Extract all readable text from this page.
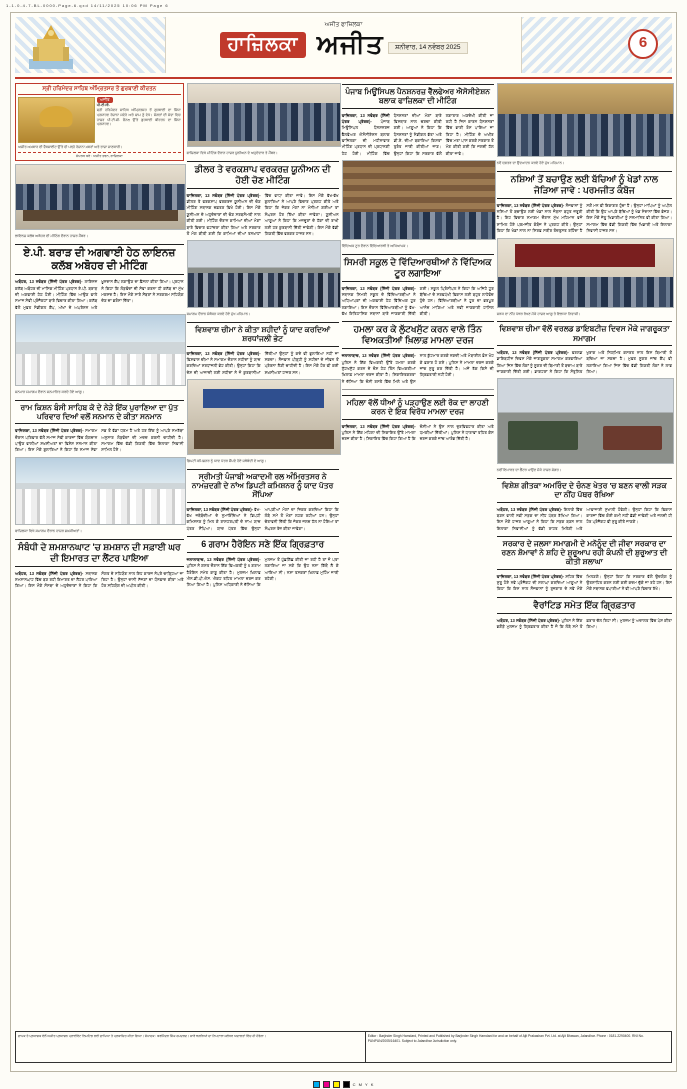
1-1-0-4-7-BL-0000-Page-6.qxd 14/11/2025 10:06 PM Page 6
ਅਜੀਤ ਫਾਜ਼ਿਲਕਾ
ਹਾਜ਼ਿਲਕਾ ਅਜੀਤ ਸ਼ਨੀਵਾਰ, 14 ਨਵੰਬਰ 2025	6
ਸ੍ਰੀ ਹਰਿਮੰਦਰ ਸਾਹਿਬ ਅੰਮ੍ਰਿਤਸਰ ਤੋਂ ਗੁਰਬਾਣੀ ਕੀਰਤਨ
ਅਜੀਤ
ਪੀ.ਟੀ.ਸੀ.
ਸ੍ਰੀ ਹਰਿਮੰਦਰ ਸਾਹਿਬ ਅੰਮ੍ਰਿਤਸਰ ਤੋਂ ਗੁਰਬਾਣੀ ਦਾ ਸਿੱਧਾ ਪ੍ਰਸਾਰਣ ਰੋਜ਼ਾਨਾ ਸਵੇਰੇ ਅਤੇ ਸ਼ਾਮ ਨੂੰ ਵੇਖੋ। ਸੰਗਤਾਂ ਦੀ ਸੇਵਾ ਵਿਚ ਹਾਜ਼ਰ ਪੀ.ਟੀ.ਸੀ. ਚੈਨਲ ਉੱਤੇ ਗੁਰਬਾਣੀ ਕੀਰਤਨ ਦਾ ਸਿੱਧਾ ਪ੍ਰਸਾਰਣ।
ਅਜੀਤ ਅਖ਼ਬਾਰ ਦੀ ਵੈੱਬਸਾਈਟ ਉੱਤੇ ਵੀ ਪੜ੍ਹੋ ਰੋਜ਼ਾਨਾ ਖ਼ਬਰਾਂ ਅਤੇ ਤਾਜ਼ਾ ਜਾਣਕਾਰੀ।
ਸੰਪਰਕ ਕਰੋ : ਅਜੀਤ ਭਵਨ, ਫਾਜ਼ਿਲਕਾ
ਲਾਇਨਜ਼ ਕਲੱਬ ਅਬੋਹਰ ਦੀ ਮੀਟਿੰਗ ਦੌਰਾਨ ਹਾਜ਼ਰ ਮੈਂਬਰ।
ਏ.ਪੀ. ਬਰਾੜ ਦੀ ਅਗਵਾਈ ਹੇਠ ਲਾਇਨਜ਼ ਕਲੱਬ ਅਬੋਹਰ ਦੀ ਮੀਟਿੰਗ
ਅਬੋਹਰ, 13 ਨਵੰਬਰ (ਨਿੱਜੀ ਪੱਤਰ ਪ੍ਰੇਰਕ)- ਲਾਇਨਜ਼ ਕਲੱਬ ਅਬੋਹਰ ਦੀ ਮਾਸਿਕ ਮੀਟਿੰਗ ਪ੍ਰਧਾਨ ਏ.ਪੀ. ਬਰਾੜ ਦੀ ਅਗਵਾਈ ਹੇਠ ਹੋਈ। ਮੀਟਿੰਗ ਵਿੱਚ ਆਉਣ ਵਾਲੇ ਸਮਾਜ ਸੇਵੀ ਪ੍ਰੋਜੈਕਟਾਂ ਬਾਰੇ ਵਿਚਾਰ ਕੀਤਾ ਗਿਆ। ਕਲੱਬ ਵੱਲੋਂ ਮੁਫ਼ਤ ਮੈਡੀਕਲ ਕੈਂਪ, ਅੱਖਾਂ ਦੇ ਅਪਰੇਸ਼ਨ ਅਤੇ ਖ਼ੂਨਦਾਨ ਕੈਂਪ ਲਗਾਉਣ ਦਾ ਫ਼ੈਸਲਾ ਕੀਤਾ ਗਿਆ। ਪ੍ਰਧਾਨ ਨੇ ਕਿਹਾ ਕਿ ਲੋੜਵੰਦਾਂ ਦੀ ਸੇਵਾ ਕਰਨਾ ਹੀ ਕਲੱਬ ਦਾ ਮੁੱਖ ਮਕਸਦ ਹੈ। ਇਸ ਮੌਕੇ ਸਾਰੇ ਮੈਂਬਰਾਂ ਨੇ ਸਰਗਰਮ ਸਹਿਯੋਗ ਦੇਣ ਦਾ ਭਰੋਸਾ ਦਿੱਤਾ।
ਸਨਮਾਨ ਸਮਾਗਮ ਦੌਰਾਨ ਸਨਮਾਨਿਤ ਕਰਦੇ ਹੋਏ ਆਗੂ।
ਰਾਮ ਕਿਸ਼ਨ ਬੰਸੀ ਸਾਹਿਬ ਕੋ ਦੇ ਨੇੜੇ ਇੱਕ ਪੁਰਾਣਿਆ ਦਾ ਪੁੱਤ ਪਰਿਵਾਰ ਦਿਆਂ ਵਲੋਂ ਸਨਮਾਨ ਦੇ ਕੀਤਾ ਸਨਮਾਨ
ਫਾਜ਼ਿਲਕਾ, 13 ਨਵੰਬਰ (ਨਿੱਜੀ ਪੱਤਰ ਪ੍ਰੇਰਕ)- ਸਮਾਗਮ ਦੌਰਾਨ ਪਰਿਵਾਰ ਵੱਲੋਂ ਸਮਾਜ ਸੇਵੀ ਕਾਰਜਾਂ ਵਿੱਚ ਯੋਗਦਾਨ ਪਾਉਣ ਵਾਲੀਆਂ ਸ਼ਖ਼ਸੀਅਤਾਂ ਦਾ ਵਿਸ਼ੇਸ਼ ਸਨਮਾਨ ਕੀਤਾ ਗਿਆ। ਇਸ ਮੌਕੇ ਬੁਲਾਰਿਆਂ ਨੇ ਕਿਹਾ ਕਿ ਸਮਾਜ ਸੇਵਾ ਸਭ ਤੋਂ ਵੱਡਾ ਧਰਮ ਹੈ ਅਤੇ ਹਰ ਇੱਕ ਨੂੰ ਆਪਣੇ ਸਮਰੱਥਾ ਅਨੁਸਾਰ ਲੋੜਵੰਦਾਂ ਦੀ ਮਦਦ ਕਰਨੀ ਚਾਹੀਦੀ ਹੈ। ਸਮਾਗਮ ਵਿੱਚ ਵੱਡੀ ਗਿਣਤੀ ਵਿੱਚ ਇਲਾਕਾ ਨਿਵਾਸੀ ਸ਼ਾਮਿਲ ਹੋਏ।
ਫਾਜ਼ਿਲਕਾ ਵਿਖੇ ਸਮਾਗਮ ਦੌਰਾਨ ਹਾਜ਼ਰ ਸ਼ਖ਼ਸੀਅਤਾਂ।
ਸੰਬੰਧੀ ਦੇ ਸ਼ਮਸ਼ਾਨਘਾਟ 'ਚ ਸ਼ਮਸ਼ਾਨ ਦੀ ਸਫ਼ਾਈ ਘਰ ਦੀ ਇਮਾਰਤ ਦਾ ਲੈਂਟਰ ਪਾਇਆ
ਅਬੋਹਰ, 13 ਨਵੰਬਰ (ਨਿੱਜੀ ਪੱਤਰ ਪ੍ਰੇਰਕ)- ਸਥਾਨਕ ਸ਼ਮਸ਼ਾਨਘਾਟ ਵਿੱਚ ਬਣ ਰਹੀ ਇਮਾਰਤ ਦਾ ਲੈਂਟਰ ਪਾਇਆ ਗਿਆ। ਇਸ ਮੌਕੇ ਸੰਸਥਾ ਦੇ ਅਹੁਦੇਦਾਰਾਂ ਨੇ ਕਿਹਾ ਕਿ ਸੰਗਤ ਦੇ ਸਹਿਯੋਗ ਨਾਲ ਇਹ ਕਾਰਜ ਨੇਪਰੇ ਚਾੜ੍ਹਿਆ ਜਾ ਰਿਹਾ ਹੈ। ਉਨ੍ਹਾਂ ਦਾਨੀ ਸੱਜਣਾਂ ਦਾ ਧੰਨਵਾਦ ਕੀਤਾ ਅਤੇ ਹੋਰ ਸਹਿਯੋਗ ਦੀ ਅਪੀਲ ਕੀਤੀ।
ਫਾਜ਼ਿਲਕਾ ਵਿਖੇ ਮੀਟਿੰਗ ਦੌਰਾਨ ਹਾਜ਼ਰ ਯੂਨੀਅਨ ਦੇ ਅਹੁਦੇਦਾਰ ਤੇ ਮੈਂਬਰ।
ਡੀਲਰ ਤੇ ਵਰਕਸ਼ਾਪ ਵਰਕਰਜ਼ ਯੂਨੀਅਨ ਦੀ ਹੋਈ ਚੋਣ ਮੀਟਿੰਗ
ਫਾਜ਼ਿਲਕਾ, 13 ਨਵੰਬਰ (ਨਿੱਜੀ ਪੱਤਰ ਪ੍ਰੇਰਕ)- ਡੀਲਰ ਤੇ ਵਰਕਸ਼ਾਪ ਵਰਕਰਜ਼ ਯੂਨੀਅਨ ਦੀ ਚੋਣ ਮੀਟਿੰਗ ਸਥਾਨਕ ਦਫ਼ਤਰ ਵਿਖੇ ਹੋਈ। ਇਸ ਮੌਕੇ ਯੂਨੀਅਨ ਦੇ ਅਹੁਦੇਦਾਰਾਂ ਦੀ ਚੋਣ ਸਰਬਸੰਮਤੀ ਨਾਲ ਕੀਤੀ ਗਈ। ਮੀਟਿੰਗ ਦੌਰਾਨ ਕਾਮਿਆਂ ਦੀਆਂ ਮੰਗਾਂ ਬਾਰੇ ਵਿਚਾਰ ਵਟਾਂਦਰਾ ਕੀਤਾ ਗਿਆ ਅਤੇ ਸਰਕਾਰ ਤੋਂ ਮੰਗ ਕੀਤੀ ਗਈ ਕਿ ਕਾਮਿਆਂ ਦੀਆਂ ਤਨਖ਼ਾਹਾਂ ਵਿੱਚ ਵਾਧਾ ਕੀਤਾ ਜਾਵੇ। ਇਸ ਮੌਕੇ ਵੱਖ-ਵੱਖ ਬੁਲਾਰਿਆਂ ਨੇ ਆਪਣੇ ਵਿਚਾਰ ਪ੍ਰਗਟ ਕੀਤੇ ਅਤੇ ਕਿਹਾ ਕਿ ਜੇਕਰ ਮੰਗਾਂ ਨਾ ਮੰਨੀਆਂ ਗਈਆਂ ਤਾਂ ਸੰਘਰਸ਼ ਹੋਰ ਤਿੱਖਾ ਕੀਤਾ ਜਾਵੇਗਾ। ਯੂਨੀਅਨ ਆਗੂਆਂ ਨੇ ਕਿਹਾ ਕਿ ਮਜ਼ਦੂਰਾਂ ਦੇ ਹੱਕਾਂ ਦੀ ਰਾਖੀ ਲਈ ਹਰ ਕੁਰਬਾਨੀ ਦਿੱਤੀ ਜਾਵੇਗੀ। ਇਸ ਮੌਕੇ ਵੱਡੀ ਗਿਣਤੀ ਵਿੱਚ ਵਰਕਰ ਹਾਜ਼ਰ ਸਨ।
ਸਮਾਗਮ ਦੌਰਾਨ ਸੰਬੋਧਨ ਕਰਦੇ ਹੋਏ ਮੁੱਖ ਮਹਿਮਾਨ।
ਵਿਸ਼ਵਾਸ਼ ਚੀਮਾ ਨੇ ਕੀਤਾ ਸ਼ਹੀਦਾਂ ਨੂੰ ਯਾਦ ਕਰਦਿਆਂ ਸ਼ਰਧਾਂਜਲੀ ਭੇਟ
ਫਾਜ਼ਿਲਕਾ, 13 ਨਵੰਬਰ (ਨਿੱਜੀ ਪੱਤਰ ਪ੍ਰੇਰਕ)- ਵਿਸ਼ਵਾਸ਼ ਚੀਮਾ ਨੇ ਸਮਾਗਮ ਦੌਰਾਨ ਸ਼ਹੀਦਾਂ ਨੂੰ ਯਾਦ ਕਰਦਿਆਂ ਸ਼ਰਧਾਂਜਲੀ ਭੇਟ ਕੀਤੀ। ਉਨ੍ਹਾਂ ਕਿਹਾ ਕਿ ਦੇਸ਼ ਦੀ ਆਜ਼ਾਦੀ ਲਈ ਸ਼ਹੀਦਾਂ ਨੇ ਜੋ ਕੁਰਬਾਨੀਆਂ ਦਿੱਤੀਆਂ ਉਨ੍ਹਾਂ ਨੂੰ ਕਦੇ ਵੀ ਭੁਲਾਇਆ ਨਹੀਂ ਜਾ ਸਕਦਾ। ਨੌਜਵਾਨ ਪੀੜ੍ਹੀ ਨੂੰ ਸ਼ਹੀਦਾਂ ਦੇ ਜੀਵਨ ਤੋਂ ਪ੍ਰੇਰਨਾ ਲੈਣੀ ਚਾਹੀਦੀ ਹੈ। ਇਸ ਮੌਕੇ ਹੋਰ ਵੀ ਕਈ ਸ਼ਖ਼ਸੀਅਤਾਂ ਹਾਜ਼ਰ ਸਨ।
ਡਿਪਟੀ ਕਮਿਸ਼ਨਰ ਨੂੰ ਯਾਦ ਪੱਤਰ ਸੌਂਪਦੇ ਹੋਏ ਜਥੇਬੰਦੀ ਦੇ ਆਗੂ।
ਸ੍ਰੀਮਤੀ ਪੰਜਾਬੀ ਅਕਾਦਮੀ ਰਲ ਅੰਮ੍ਰਿਤਸਰ ਨੇ ਨਾਮਜ਼ਦਗੀ ਦੇ ਨਾਂਅ ਡਿਪਟੀ ਕਮਿਸ਼ਨਰ ਨੂੰ ਯਾਦ ਪੱਤਰ ਸੌਂਪਿਆ
ਫਾਜ਼ਿਲਕਾ, 13 ਨਵੰਬਰ (ਨਿੱਜੀ ਪੱਤਰ ਪ੍ਰੇਰਕ)- ਵੱਖ-ਵੱਖ ਜਥੇਬੰਦੀਆਂ ਦੇ ਨੁਮਾਇੰਦਿਆਂ ਨੇ ਡਿਪਟੀ ਕਮਿਸ਼ਨਰ ਨੂੰ ਮਿਲ ਕੇ ਰਾਸ਼ਟਰਪਤੀ ਦੇ ਨਾਂਅ ਯਾਦ ਪੱਤਰ ਸੌਂਪਿਆ। ਯਾਦ ਪੱਤਰ ਵਿੱਚ ਉਨ੍ਹਾਂ ਆਪਣੀਆਂ ਮੰਗਾਂ ਦਾ ਜ਼ਿਕਰ ਕਰਦਿਆਂ ਕਿਹਾ ਕਿ ਲੰਬੇ ਸਮੇਂ ਤੋਂ ਮੰਗਾਂ ਲਟਕ ਰਹੀਆਂ ਹਨ। ਉਨ੍ਹਾਂ ਚੇਤਾਵਨੀ ਦਿੱਤੀ ਕਿ ਜੇਕਰ ਜਲਦ ਹੱਲ ਨਾ ਹੋਇਆ ਤਾਂ ਸੰਘਰਸ਼ ਤੇਜ਼ ਕੀਤਾ ਜਾਵੇਗਾ।
6 ਗਰਾਮ ਹੈਰੋਇਨ ਸਣੇ ਇੱਕ ਗ੍ਰਿਫ਼ਤਾਰ
ਜਲਾਲਾਬਾਦ, 13 ਨਵੰਬਰ (ਨਿੱਜੀ ਪੱਤਰ ਪ੍ਰੇਰਕ)- ਪੁਲਿਸ ਨੇ ਗਸ਼ਤ ਦੌਰਾਨ ਇੱਕ ਵਿਅਕਤੀ ਨੂੰ 6 ਗਰਾਮ ਹੈਰੋਇਨ ਸਮੇਤ ਕਾਬੂ ਕੀਤਾ ਹੈ। ਮੁਲਜ਼ਮ ਖ਼ਿਲਾਫ਼ ਐਨ.ਡੀ.ਪੀ.ਐਸ. ਐਕਟ ਤਹਿਤ ਮਾਮਲਾ ਦਰਜ ਕਰ ਲਿਆ ਗਿਆ ਹੈ। ਪੁਲਿਸ ਅਧਿਕਾਰੀ ਨੇ ਦੱਸਿਆ ਕਿ ਮੁਲਜ਼ਮ ਤੋਂ ਪੁੱਛਗਿੱਛ ਕੀਤੀ ਜਾ ਰਹੀ ਹੈ ਤਾਂ ਜੋ ਪਤਾ ਲਗਾਇਆ ਜਾ ਸਕੇ ਕਿ ਉਹ ਨਸ਼ਾ ਕਿੱਥੋਂ ਲੈ ਕੇ ਆਇਆ ਸੀ। ਨਸ਼ਾ ਤਸਕਰਾਂ ਖ਼ਿਲਾਫ਼ ਮੁਹਿੰਮ ਜਾਰੀ ਰਹੇਗੀ।
ਪੰਜਾਬ ਮਿਊਂਸਿਪਲ ਪੈਨਸ਼ਨਰਜ਼ ਵੈੱਲਫੇਅਰ ਐਸੋਸੀਏਸ਼ਨ ਬਲਾਕ ਫਾਜ਼ਿਲਕਾ ਦੀ ਮੀਟਿੰਗ
ਫਾਜ਼ਿਲਕਾ, 13 ਨਵੰਬਰ (ਨਿੱਜੀ ਪੱਤਰ ਪ੍ਰੇਰਕ)- ਪੰਜਾਬ ਮਿਊਂਸਿਪਲ ਪੈਨਸ਼ਨਰਜ਼ ਵੈੱਲਫੇਅਰ ਐਸੋਸੀਏਸ਼ਨ ਬਲਾਕ ਫਾਜ਼ਿਲਕਾ ਦੀ ਮਹੀਨਾਵਾਰ ਮੀਟਿੰਗ ਪ੍ਰਧਾਨ ਦੀ ਪ੍ਰਧਾਨਗੀ ਹੇਠ ਹੋਈ। ਮੀਟਿੰਗ ਵਿੱਚ ਪੈਨਸ਼ਨਰਾਂ ਦੀਆਂ ਮੰਗਾਂ ਬਾਰੇ ਵਿਸਥਾਰ ਨਾਲ ਚਰਚਾ ਕੀਤੀ ਗਈ। ਆਗੂਆਂ ਨੇ ਕਿਹਾ ਕਿ ਪੈਨਸ਼ਨਰਾਂ ਨੂੰ ਮੈਡੀਕਲ ਭੱਤਾ ਅਤੇ ਡੀ.ਏ. ਦੀਆਂ ਬਕਾਇਆ ਕਿਸ਼ਤਾਂ ਤੁਰੰਤ ਜਾਰੀ ਕੀਤੀਆਂ ਜਾਣ। ਉਨ੍ਹਾਂ ਕਿਹਾ ਕਿ ਸਰਕਾਰ ਵੱਲੋਂ ਲਗਾਤਾਰ ਅਣਦੇਖੀ ਕੀਤੀ ਜਾ ਰਹੀ ਹੈ ਜਿਸ ਕਾਰਨ ਪੈਨਸ਼ਨਰਾਂ ਵਿੱਚ ਭਾਰੀ ਰੋਸ ਪਾਇਆ ਜਾ ਰਿਹਾ ਹੈ। ਮੀਟਿੰਗ ਦੇ ਅਖੀਰ ਵਿੱਚ ਮਤਾ ਪਾਸ ਕਰਕੇ ਸਰਕਾਰ ਤੋਂ ਮੰਗ ਕੀਤੀ ਗਈ ਕਿ ਜਲਦੀ ਹੱਲ ਕੀਤਾ ਜਾਵੇ।
ਵਿੱਦਿਅਕ ਟੂਰ ਦੌਰਾਨ ਵਿੱਦਿਆਰਥੀ ਤੇ ਅਧਿਆਪਕ।
ਸਿਮਰੀ ਸਕੂਲ ਦੇ ਵਿੱਦਿਆਰਥੀਆਂ ਨੇ ਵਿੱਦਿਅਕ ਟੂਰ ਲਗਾਇਆ
ਫਾਜ਼ਿਲਕਾ, 13 ਨਵੰਬਰ (ਨਿੱਜੀ ਪੱਤਰ ਪ੍ਰੇਰਕ)- ਸਥਾਨਕ ਸਿਮਰੀ ਸਕੂਲ ਦੇ ਵਿੱਦਿਆਰਥੀਆਂ ਨੇ ਅਧਿਆਪਕਾਂ ਦੀ ਅਗਵਾਈ ਹੇਠ ਵਿੱਦਿਅਕ ਟੂਰ ਲਗਾਇਆ। ਇਸ ਦੌਰਾਨ ਵਿੱਦਿਆਰਥੀਆਂ ਨੂੰ ਵੱਖ-ਵੱਖ ਇਤਿਹਾਸਿਕ ਸਥਾਨਾਂ ਬਾਰੇ ਜਾਣਕਾਰੀ ਦਿੱਤੀ ਗਈ। ਸਕੂਲ ਪ੍ਰਿੰਸੀਪਲ ਨੇ ਕਿਹਾ ਕਿ ਅਜਿਹੇ ਟੂਰ ਬੱਚਿਆਂ ਦੇ ਸਰਵਪੱਖੀ ਵਿਕਾਸ ਲਈ ਬਹੁਤ ਲਾਹੇਵੰਦ ਹੁੰਦੇ ਹਨ। ਵਿੱਦਿਆਰਥੀਆਂ ਨੇ ਟੂਰ ਦਾ ਭਰਪੂਰ ਆਨੰਦ ਮਾਣਿਆ ਅਤੇ ਨਵੀਂ ਜਾਣਕਾਰੀ ਹਾਸਿਲ ਕੀਤੀ।
ਹਮਲਾ ਕਰ ਕੇ ਲੁੱਟਖਸੁੱਟ ਕਰਨ ਵਾਲੇ ਤਿੰਨ ਵਿਅਕਤੀਆਂ ਖ਼ਿਲਾਫ਼ ਮਾਮਲਾ ਦਰਜ
ਜਲਾਲਾਬਾਦ, 13 ਨਵੰਬਰ (ਨਿੱਜੀ ਪੱਤਰ ਪ੍ਰੇਰਕ)- ਪੁਲਿਸ ਨੇ ਇੱਕ ਵਿਅਕਤੀ ਉੱਤੇ ਹਮਲਾ ਕਰਕੇ ਲੁੱਟਖਸੁੱਟ ਕਰਨ ਦੇ ਦੋਸ਼ ਹੇਠ ਤਿੰਨ ਵਿਅਕਤੀਆਂ ਖ਼ਿਲਾਫ਼ ਮਾਮਲਾ ਦਰਜ ਕੀਤਾ ਹੈ। ਸ਼ਿਕਾਇਤਕਰਤਾ ਨੇ ਦੱਸਿਆ ਕਿ ਦੋਸ਼ੀ ਰਸਤੇ ਵਿੱਚ ਮਿਲੇ ਅਤੇ ਉਸ ਨਾਲ ਕੁੱਟਮਾਰ ਕਰਕੇ ਨਕਦੀ ਅਤੇ ਮੋਬਾਈਲ ਫ਼ੋਨ ਖੋਹ ਕੇ ਫ਼ਰਾਰ ਹੋ ਗਏ। ਪੁਲਿਸ ਨੇ ਮਾਮਲਾ ਦਰਜ ਕਰਕੇ ਜਾਂਚ ਸ਼ੁਰੂ ਕਰ ਦਿੱਤੀ ਹੈ। ਅਜੇ ਤੱਕ ਕਿਸੇ ਦੀ ਗ੍ਰਿਫ਼ਤਾਰੀ ਨਹੀਂ ਹੋਈ।
ਮਹਿਲਾ ਵੱਲੋਂ ਧੀਆਂ ਨੂੰ ਪੜ੍ਹਾਉਣ ਲਈ ਰੋਕ ਦਾ ਲਾਹਣੀ ਕਰਨ ਦੇ ਇਕ ਵਿਰੋਧ ਮਾਮਲਾ ਦਰਜ
ਫਾਜ਼ਿਲਕਾ, 13 ਨਵੰਬਰ (ਨਿੱਜੀ ਪੱਤਰ ਪ੍ਰੇਰਕ)- ਪੁਲਿਸ ਨੇ ਇੱਕ ਮਹਿਲਾ ਦੀ ਸ਼ਿਕਾਇਤ ਉੱਤੇ ਮਾਮਲਾ ਦਰਜ ਕੀਤਾ ਹੈ। ਸ਼ਿਕਾਇਤ ਵਿੱਚ ਕਿਹਾ ਗਿਆ ਹੈ ਕਿ ਦੋਸ਼ੀਆਂ ਨੇ ਉਸ ਨਾਲ ਦੁਰਵਿਵਹਾਰ ਕੀਤਾ ਅਤੇ ਧਮਕੀਆਂ ਦਿੱਤੀਆਂ। ਪੁਲਿਸ ਨੇ ਧਾਰਾਵਾਂ ਤਹਿਤ ਕੇਸ ਦਰਜ ਕਰਕੇ ਜਾਂਚ ਆਰੰਭ ਦਿੱਤੀ ਹੈ।
ਨਵੇਂ ਦਫ਼ਤਰ ਦਾ ਉਦਘਾਟਨ ਕਰਦੇ ਹੋਏ ਮੁੱਖ ਮਹਿਮਾਨ।
ਨਸ਼ਿਆਂ ਤੋਂ ਬਚਾਉਣ ਲਈ ਬੱਚਿਆਂ ਨੂੰ ਖੇਡਾਂ ਨਾਲ ਜੋੜਿਆ ਜਾਵੇ : ਪਰਮਜੀਤ ਕੰਬੋਜ
ਫਾਜ਼ਿਲਕਾ, 13 ਨਵੰਬਰ (ਨਿੱਜੀ ਪੱਤਰ ਪ੍ਰੇਰਕ)- ਨੌਜਵਾਨਾਂ ਨੂੰ ਨਸ਼ਿਆਂ ਤੋਂ ਬਚਾਉਣ ਲਈ ਖੇਡਾਂ ਨਾਲ ਜੋੜਨਾ ਬਹੁਤ ਜ਼ਰੂਰੀ ਹੈ। ਇਹ ਵਿਚਾਰ ਸਮਾਗਮ ਦੌਰਾਨ ਮੁੱਖ ਮਹਿਮਾਨ ਵਜੋਂ ਸ਼ਾਮਿਲ ਹੋਏ ਪਰਮਜੀਤ ਕੰਬੋਜ ਨੇ ਪ੍ਰਗਟ ਕੀਤੇ। ਉਨ੍ਹਾਂ ਕਿਹਾ ਕਿ ਖੇਡਾਂ ਨਾਲ ਨਾ ਸਿਰਫ਼ ਸਰੀਰ ਤੰਦਰੁਸਤ ਰਹਿੰਦਾ ਹੈ ਸਗੋਂ ਮਨ ਵੀ ਇਕਾਗਰ ਹੁੰਦਾ ਹੈ। ਉਨ੍ਹਾਂ ਮਾਪਿਆਂ ਨੂੰ ਅਪੀਲ ਕੀਤੀ ਕਿ ਉਹ ਆਪਣੇ ਬੱਚਿਆਂ ਨੂੰ ਖੇਡ ਮੈਦਾਨਾਂ ਵਿੱਚ ਭੇਜਣ। ਇਸ ਮੌਕੇ ਜੇਤੂ ਖਿਡਾਰੀਆਂ ਨੂੰ ਸਨਮਾਨਿਤ ਵੀ ਕੀਤਾ ਗਿਆ। ਸਮਾਗਮ ਵਿੱਚ ਵੱਡੀ ਗਿਣਤੀ ਵਿੱਚ ਖਿਡਾਰੀ ਅਤੇ ਇਲਾਕਾ ਨਿਵਾਸੀ ਹਾਜ਼ਰ ਸਨ।
ਸੜਕ ਦਾ ਨੀਂਹ ਪੱਥਰ ਰੱਖਣ ਮੌਕੇ ਹਾਜ਼ਰ ਆਗੂ ਤੇ ਇਲਾਕਾ ਨਿਵਾਸੀ।
ਵਿਸ਼ਵਾਸ਼ ਚੀਮਾ ਵੱਲੋਂ ਵਰਲਡ ਡਾਇਬਟੀਜ਼ ਦਿਵਸ ਮੌਕੇ ਜਾਗਰੂਕਤਾ ਸਮਾਗਮ
ਅਬੋਹਰ, 13 ਨਵੰਬਰ (ਨਿੱਜੀ ਪੱਤਰ ਪ੍ਰੇਰਕ)- ਵਰਲਡ ਡਾਇਬਟੀਜ਼ ਦਿਵਸ ਮੌਕੇ ਜਾਗਰੂਕਤਾ ਸਮਾਗਮ ਕਰਵਾਇਆ ਗਿਆ ਜਿਸ ਵਿੱਚ ਲੋਕਾਂ ਨੂੰ ਸ਼ੂਗਰ ਦੀ ਬਿਮਾਰੀ ਤੋਂ ਬਚਾਅ ਬਾਰੇ ਜਾਣਕਾਰੀ ਦਿੱਤੀ ਗਈ। ਡਾਕਟਰਾਂ ਨੇ ਕਿਹਾ ਕਿ ਸੰਤੁਲਿਤ ਖੁਰਾਕ ਅਤੇ ਨਿਯਮਿਤ ਕਸਰਤ ਨਾਲ ਇਸ ਬਿਮਾਰੀ ਤੋਂ ਬਚਿਆ ਜਾ ਸਕਦਾ ਹੈ। ਮੁਫ਼ਤ ਸ਼ੂਗਰ ਜਾਂਚ ਕੈਂਪ ਵੀ ਲਗਾਇਆ ਗਿਆ ਜਿਸ ਵਿੱਚ ਵੱਡੀ ਗਿਣਤੀ ਲੋਕਾਂ ਨੇ ਲਾਭ ਲਿਆ।
ਨਵੀਂ ਇਮਾਰਤ ਦਾ ਲੈਂਟਰ ਪਾਉਣ ਮੌਕੇ ਹਾਜ਼ਰ ਸੰਗਤ।
ਵਿਸ਼ੇਸ਼ ਗੀਤਕਾ ਅਮਰਿੰਦ ਦੇ ਚੰਨਣ ਖੇਤਰ 'ਚ ਬਣਨ ਵਾਲੀ ਸੜਕ ਦਾ ਨੀਂਹ ਪੱਥਰ ਰੱਖਿਆ
ਅਬੋਹਰ, 13 ਨਵੰਬਰ (ਨਿੱਜੀ ਪੱਤਰ ਪ੍ਰੇਰਕ)- ਇਲਾਕੇ ਵਿੱਚ ਬਣਨ ਵਾਲੀ ਨਵੀਂ ਸੜਕ ਦਾ ਨੀਂਹ ਪੱਥਰ ਰੱਖਿਆ ਗਿਆ। ਇਸ ਮੌਕੇ ਹਾਜ਼ਰ ਆਗੂਆਂ ਨੇ ਕਿਹਾ ਕਿ ਸੜਕ ਬਣਨ ਨਾਲ ਇਲਾਕਾ ਨਿਵਾਸੀਆਂ ਨੂੰ ਵੱਡੀ ਰਾਹਤ ਮਿਲੇਗੀ ਅਤੇ ਆਵਾਜਾਈ ਸੁਖਾਲੀ ਹੋਵੇਗੀ। ਉਨ੍ਹਾਂ ਕਿਹਾ ਕਿ ਵਿਕਾਸ ਕਾਰਜਾਂ ਵਿੱਚ ਕੋਈ ਕਮੀ ਨਹੀਂ ਛੱਡੀ ਜਾਵੇਗੀ ਅਤੇ ਜਲਦੀ ਹੀ ਹੋਰ ਪ੍ਰੋਜੈਕਟ ਵੀ ਸ਼ੁਰੂ ਕੀਤੇ ਜਾਣਗੇ।
ਸਰਕਾਰ ਦੇ ਜਲਸਾ ਸਮਾਗਮੀ ਦੇ ਮਨੋਨੂੰਦ ਦੀ ਜੀਵਾ ਸਰਕਾਰ ਦਾ ਰਣਨ ਸ਼ੋਮਾਵਾਂ ਨੇ ਸ਼ਹਿ ਦੇ ਸ਼ੁਰੂਆਪ ਰਹੀ ਕੰਪਨੀ ਦੀ ਸ਼ੁਰੂਆਤ ਦੀ ਕੀਤੀ ਸ਼ਲਾਘਾ
ਫਾਜ਼ਿਲਕਾ, 13 ਨਵੰਬਰ (ਨਿੱਜੀ ਪੱਤਰ ਪ੍ਰੇਰਕ)- ਸ਼ਹਿਰ ਵਿੱਚ ਸ਼ੁਰੂ ਹੋਏ ਨਵੇਂ ਪ੍ਰੋਜੈਕਟ ਦੀ ਸ਼ਲਾਘਾ ਕਰਦਿਆਂ ਆਗੂਆਂ ਨੇ ਕਿਹਾ ਕਿ ਇਸ ਨਾਲ ਨੌਜਵਾਨਾਂ ਨੂੰ ਰੁਜ਼ਗਾਰ ਦੇ ਨਵੇਂ ਮੌਕੇ ਮਿਲਣਗੇ। ਉਨ੍ਹਾਂ ਕਿਹਾ ਕਿ ਸਰਕਾਰ ਵੱਲੋਂ ਉਦਯੋਗ ਨੂੰ ਉਤਸ਼ਾਹਿਤ ਕਰਨ ਲਈ ਕਈ ਕਦਮ ਚੁੱਕੇ ਜਾ ਰਹੇ ਹਨ। ਇਸ ਮੌਕੇ ਸਥਾਨਕ ਵਪਾਰੀਆਂ ਨੇ ਵੀ ਆਪਣੇ ਵਿਚਾਰ ਰੱਖੇ।
ਵੈਰਾਂਟਿਡ ਸਮੇਤ ਇੱਕ ਗ੍ਰਿਫ਼ਤਾਰ
ਅਬੋਹਰ, 13 ਨਵੰਬਰ (ਨਿੱਜੀ ਪੱਤਰ ਪ੍ਰੇਰਕ)- ਪੁਲਿਸ ਨੇ ਇੱਕ ਭਗੌੜੇ ਮੁਲਜ਼ਮ ਨੂੰ ਗ੍ਰਿਫ਼ਤਾਰ ਕੀਤਾ ਹੈ ਜੋ ਕਿ ਲੰਬੇ ਸਮੇਂ ਤੋਂ ਫ਼ਰਾਰ ਚੱਲ ਰਿਹਾ ਸੀ। ਮੁਲਜ਼ਮ ਨੂੰ ਅਦਾਲਤ ਵਿੱਚ ਪੇਸ਼ ਕੀਤਾ ਗਿਆ।
ਛਾਪਕ ਤੇ ਪ੍ਰਕਾਸ਼ਕ ਵੱਲੋਂ ਅਜੀਤ ਪ੍ਰਕਾਸ਼ਨ ਪ੍ਰਾਈਵੇਟ ਲਿਮਟਿਡ ਲਈ ਛਾਪਿਆ ਤੇ ਪ੍ਰਕਾਸ਼ਿਤ ਕੀਤਾ ਗਿਆ। ਸੰਪਾਦਕ : ਬਰਜਿੰਦਰ ਸਿੰਘ ਹਮਦਰਦ। ਸਾਰੇ ਝਗੜਿਆਂ ਦਾ ਨਿਪਟਾਰਾ ਜਲੰਧਰ ਅਦਾਲਤਾਂ ਵਿੱਚ ਹੀ ਹੋਵੇਗਾ।	Editor : Barjinder Singh Hamdard, Printed and Published by Barjinder Singh Hamdard for and on behalf of Ajit Prakashan Pvt. Ltd. at Ajit Bhawan, Jalandhar. Phone : 0181-2290400. RNI No. PUNPUN/2005/16401. Subject to Jalandhar Jurisdiction only.
C M Y K
